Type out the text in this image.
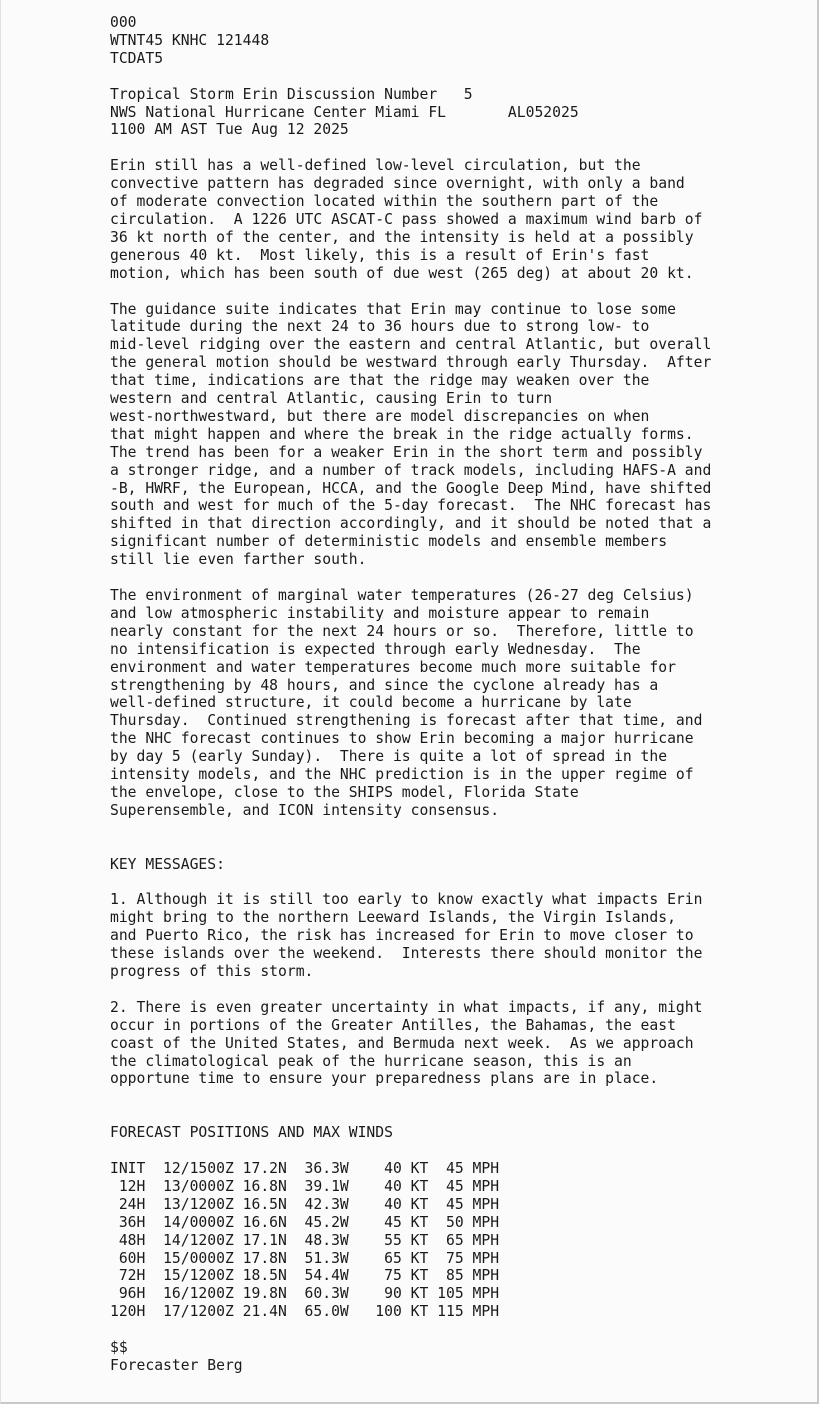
000
WTNT45 KNHC 121448
TCDAT5

Tropical Storm Erin Discussion Number   5
NWS National Hurricane Center Miami FL       AL052025
1100 AM AST Tue Aug 12 2025

Erin still has a well-defined low-level circulation, but the
convective pattern has degraded since overnight, with only a band
of moderate convection located within the southern part of the
circulation.  A 1226 UTC ASCAT-C pass showed a maximum wind barb of
36 kt north of the center, and the intensity is held at a possibly
generous 40 kt.  Most likely, this is a result of Erin's fast
motion, which has been south of due west (265 deg) at about 20 kt.

The guidance suite indicates that Erin may continue to lose some
latitude during the next 24 to 36 hours due to strong low- to
mid-level ridging over the eastern and central Atlantic, but overall
the general motion should be westward through early Thursday.  After
that time, indications are that the ridge may weaken over the
western and central Atlantic, causing Erin to turn
west-northwestward, but there are model discrepancies on when
that might happen and where the break in the ridge actually forms.
The trend has been for a weaker Erin in the short term and possibly
a stronger ridge, and a number of track models, including HAFS-A and
-B, HWRF, the European, HCCA, and the Google Deep Mind, have shifted
south and west for much of the 5-day forecast.  The NHC forecast has
shifted in that direction accordingly, and it should be noted that a
significant number of deterministic models and ensemble members
still lie even farther south.

The environment of marginal water temperatures (26-27 deg Celsius)
and low atmospheric instability and moisture appear to remain
nearly constant for the next 24 hours or so.  Therefore, little to
no intensification is expected through early Wednesday.  The
environment and water temperatures become much more suitable for
strengthening by 48 hours, and since the cyclone already has a
well-defined structure, it could become a hurricane by late
Thursday.  Continued strengthening is forecast after that time, and
the NHC forecast continues to show Erin becoming a major hurricane
by day 5 (early Sunday).  There is quite a lot of spread in the
intensity models, and the NHC prediction is in the upper regime of
the envelope, close to the SHIPS model, Florida State
Superensemble, and ICON intensity consensus.

KEY MESSAGES:

1. Although it is still too early to know exactly what impacts Erin
might bring to the northern Leeward Islands, the Virgin Islands,
and Puerto Rico, the risk has increased for Erin to move closer to
these islands over the weekend.  Interests there should monitor the
progress of this storm.

2. There is even greater uncertainty in what impacts, if any, might
occur in portions of the Greater Antilles, the Bahamas, the east
coast of the United States, and Bermuda next week.  As we approach
the climatological peak of the hurricane season, this is an
opportune time to ensure your preparedness plans are in place.

FORECAST POSITIONS AND MAX WINDS

INIT  12/1500Z 17.2N  36.3W    40 KT  45 MPH
12H  13/0000Z 16.8N  39.1W    40 KT  45 MPH
24H  13/1200Z 16.5N  42.3W    40 KT  45 MPH
36H  14/0000Z 16.6N  45.2W    45 KT  50 MPH
48H  14/1200Z 17.1N  48.3W    55 KT  65 MPH
60H  15/0000Z 17.8N  51.3W    65 KT  75 MPH
72H  15/1200Z 18.5N  54.4W    75 KT  85 MPH
96H  16/1200Z 19.8N  60.3W    90 KT 105 MPH
120H  17/1200Z 21.4N  65.0W   100 KT 115 MPH

$$
Forecaster Berg
